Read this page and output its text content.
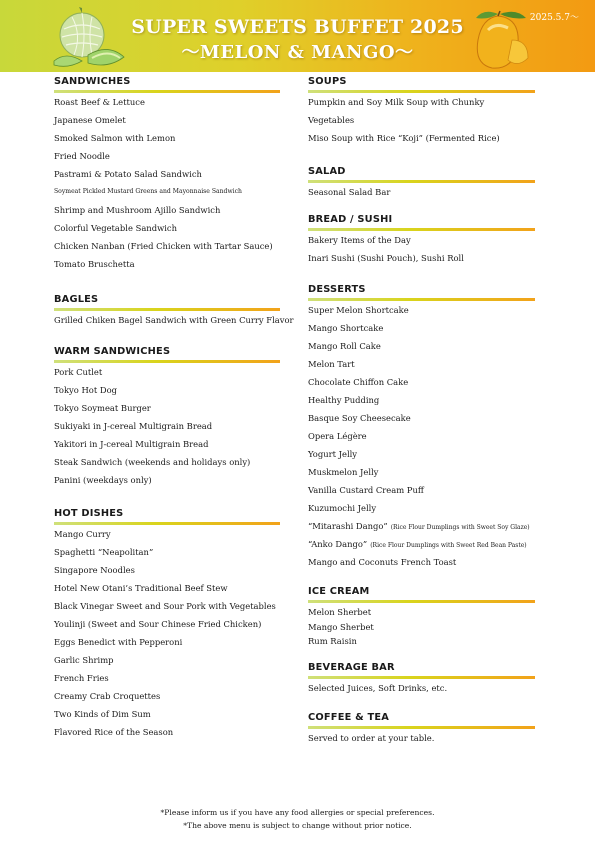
2025.5.7〜
SUPER SWEETS BUFFET 2025
〜MELON & MANGO〜
SANDWICHES
Roast Beef & Lettuce
Japanese Omelet
Smoked Salmon with Lemon
Fried Noodle
Pastrami & Potato Salad Sandwich
Soymeat Pickled Mustard Greens and Mayonnaise Sandwich
Shrimp and Mushroom Ajillo Sandwich
Colorful Vegetable Sandwich
Chicken Nanban (Fried Chicken with Tartar Sauce)
Tomato Bruschetta
BAGLES
Grilled Chiken Bagel Sandwich with Green Curry Flavor
WARM SANDWICHES
Pork Cutlet
Tokyo Hot Dog
Tokyo Soymeat Burger
Sukiyaki in J-cereal Multigrain Bread
Yakitori in J-cereal Multigrain Bread
Steak Sandwich (weekends and holidays only)
Panini (weekdays only)
HOT DISHES
Mango Curry
Spaghetti “Neapolitan”
Singapore Noodles
Hotel New Otani’s Traditional Beef Stew
Black Vinegar Sweet and Sour Pork with Vegetables
Youlinji (Sweet and Sour Chinese Fried Chicken)
Eggs Benedict with Pepperoni
Garlic Shrimp
French Fries
Creamy Crab Croquettes
Two Kinds of Dim Sum
Flavored Rice of the Season
SOUPS
Pumpkin and Soy Milk Soup with Chunky
Vegetables
Miso Soup with Rice “Koji” (Fermented Rice)
SALAD
Seasonal Salad Bar
BREAD / SUSHI
Bakery Items of the Day
Inari Sushi (Sushi Pouch), Sushi Roll
DESSERTS
Super Melon Shortcake
Mango Shortcake
Mango Roll Cake
Melon Tart
Chocolate Chiffon Cake
Healthy Pudding
Basque Soy Cheesecake
Opera Légère
Yogurt Jelly
Muskmelon Jelly
Vanilla Custard Cream Puff
Kuzumochi Jelly
“Mitarashi Dango” (Rice Flour Dumplings with Sweet Soy Glaze)
“Anko Dango” (Rice Flour Dumplings with Sweet Red Bean Paste)
Mango and Coconuts French Toast
ICE CREAM
Melon Sherbet
Mango Sherbet
Rum Raisin
BEVERAGE BAR
Selected Juices, Soft Drinks, etc.
COFFEE & TEA
Served to order at your table.
*Please inform us if you have any food allergies or special preferences.
*The above menu is subject to change without prior notice.
